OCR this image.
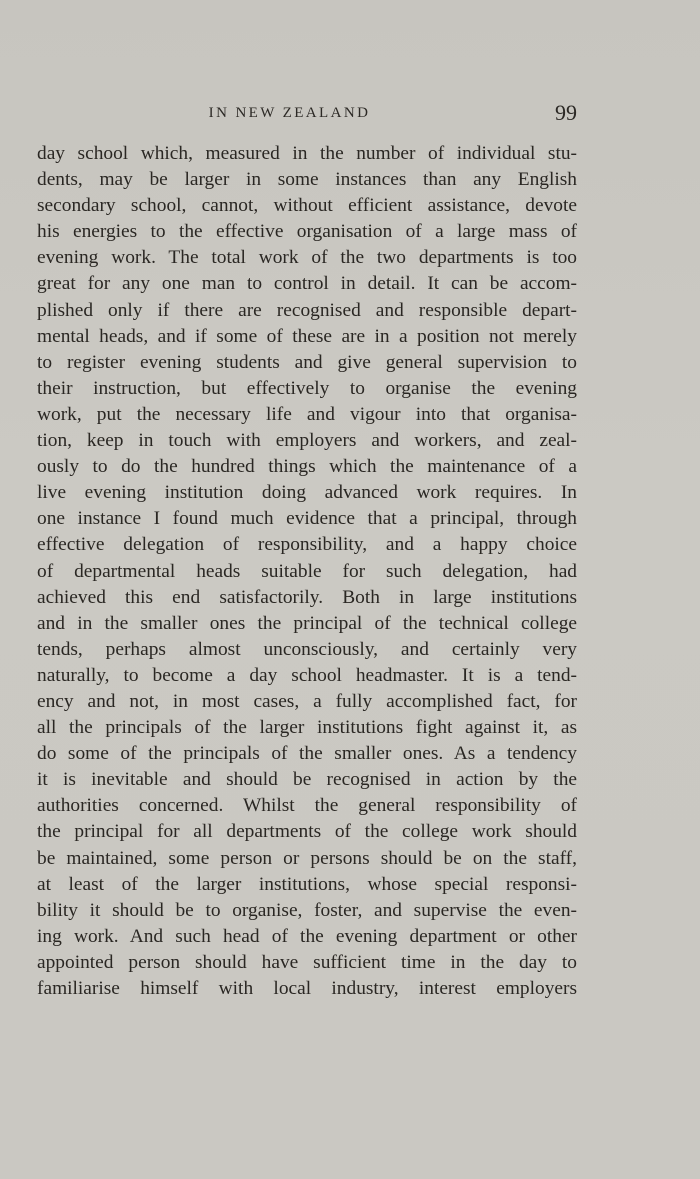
IN NEW ZEALAND	99
day school which, measured in the number of individual stu-
dents, may be larger in some instances than any English
secondary school, cannot, without efficient assistance, devote
his energies to the effective organisation of a large mass of
evening work. The total work of the two departments is too
great for any one man to control in detail. It can be accom-
plished only if there are recognised and responsible depart-
mental heads, and if some of these are in a position not merely
to register evening students and give general supervision to
their instruction, but effectively to organise the evening
work, put the necessary life and vigour into that organisa-
tion, keep in touch with employers and workers, and zeal-
ously to do the hundred things which the maintenance of a
live evening institution doing advanced work requires. In
one instance I found much evidence that a principal, through
effective delegation of responsibility, and a happy choice
of departmental heads suitable for such delegation, had
achieved this end satisfactorily. Both in large institutions
and in the smaller ones the principal of the technical college
tends, perhaps almost unconsciously, and certainly very
naturally, to become a day school headmaster. It is a tend-
ency and not, in most cases, a fully accomplished fact, for
all the principals of the larger institutions fight against it, as
do some of the principals of the smaller ones. As a tendency
it is inevitable and should be recognised in action by the
authorities concerned. Whilst the general responsibility of
the principal for all departments of the college work should
be maintained, some person or persons should be on the staff,
at least of the larger institutions, whose special responsi-
bility it should be to organise, foster, and supervise the even-
ing work. And such head of the evening department or other
appointed person should have sufficient time in the day to
familiarise himself with local industry, interest employers
